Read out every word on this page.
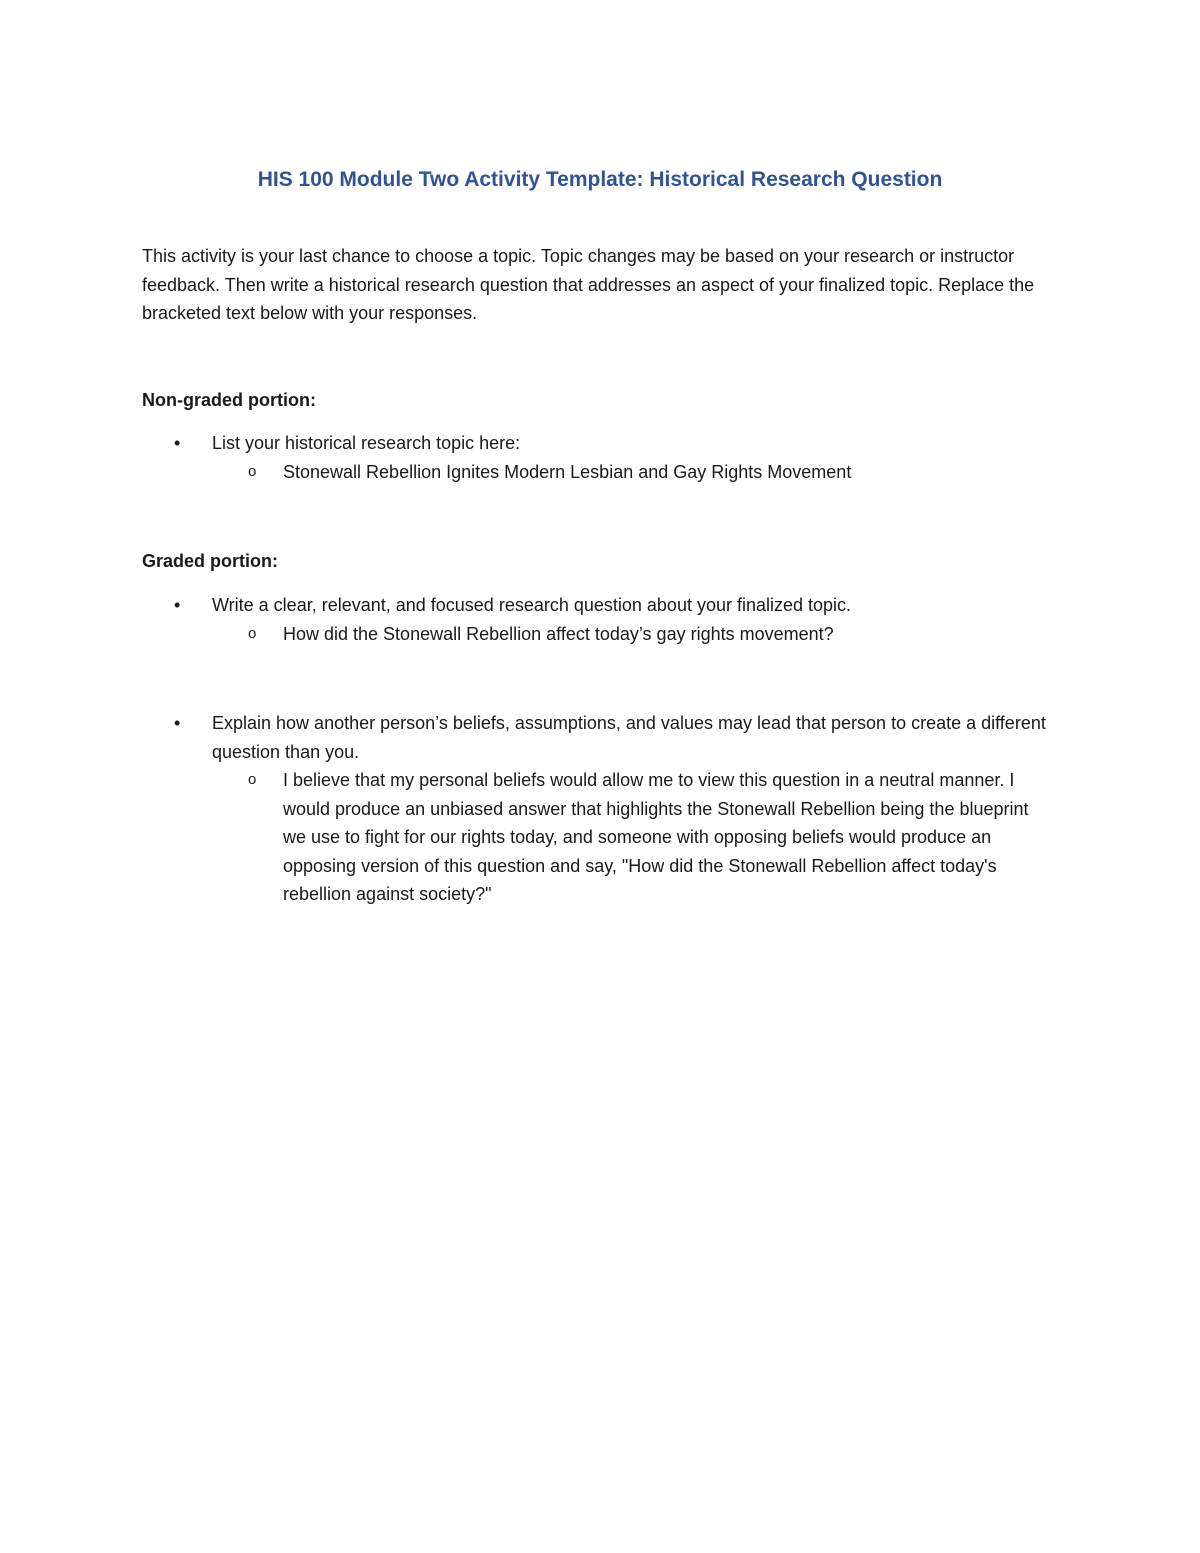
HIS 100 Module Two Activity Template: Historical Research Question

This activity is your last chance to choose a topic. Topic changes may be based on your research or instructor feedback. Then write a historical research question that addresses an aspect of your finalized topic. Replace the bracketed text below with your responses.

Non-graded portion:

• List your historical research topic here:
o Stonewall Rebellion Ignites Modern Lesbian and Gay Rights Movement

Graded portion:

• Write a clear, relevant, and focused research question about your finalized topic.
o How did the Stonewall Rebellion affect today’s gay rights movement?
• Explain how another person’s beliefs, assumptions, and values may lead that person to create a different question than you.
o I believe that my personal beliefs would allow me to view this question in a neutral manner. I would produce an unbiased answer that highlights the Stonewall Rebellion being the blueprint we use to fight for our rights today, and someone with opposing beliefs would produce an opposing version of this question and say, "How did the Stonewall Rebellion affect today's rebellion against society?"
